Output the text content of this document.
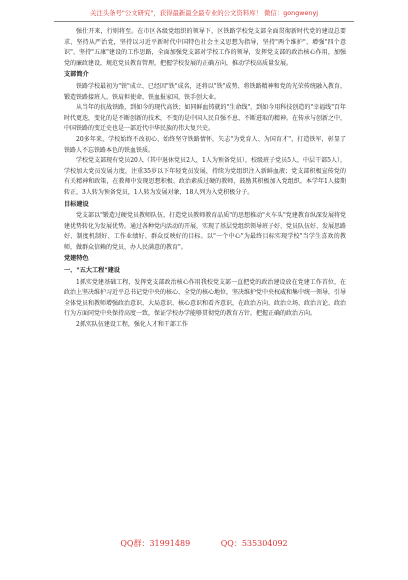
关注头条号"公文研究"，获得最新最全最专业的公文资料库！ 微信：gongwenyj

强仕开来，行则将至。在市区各级党组织的领导下，区铁路学校党支部全面贯彻新时代党的建设总要求，坚持从严治党，坚持以习近平新时代中国特色社会主义思想为指导，坚持"两个维护"、增强"四个意识"、坚持"五康"建设的工作思路，全面加强党支部对学校工作的领导，发挥党支部的政治核心作用，加强党的廉政建设，规范党员教育管理，把握学校发展的正确方向，推动学校高质量发展。

支部简介

铁路学校最初为"铁"成立、已经因"铁"成名，还将以"铁"成势、将铁路精神和党的光荣传统融入教育，锻造铁路接班人。铁肩担使命、铁血报家国，铁手创大业。

从当年的抗战铁路，到如今的现代高铁；如同鲜血铸就的"生命线"，到如今用科技创造的"幸福线"百年时代更迭，变化的是不断创新的技术，不变的是中国人民自强不息、不断进取的精神。在传承与创新之中，中国铁路的变迁史也是一部近代中华民族的伟大复兴史。

20多年来，学校始终不改初心，始终坚守铁路情怀，矢志"为党育人、为国育才"，打造铁军，彰显了铁路人不忘铁路本色的铁血铁质。

学校党支部现有党员20人（其中退休党员2人，1人为预备党员），校级班子党员5人，中层干部5人），学校加大党员发展力度，注重35岁以下年轻党员发展，持续为党组织注入新鲜血液；党支部积极宣传党的有关精神和政策，在教师中发现思想积极、政治素质过硬的教师，鼓励其积极加入党组织。本学年1人接期转正，3人转为预备党员，1人转为发展对象，18人列为入党积极分子。

目标建设

党支部以"锻造过硬党员教师队伍，打造党员教师教育品质"的思想推动"火车头"党建教育纵深发展将党建优势转化为发展优势。通过各种党内活动的开展，实现了基层党组织领导班子好、党员队伍好、发展思路好、制度机制好、工作业绩好、群众反映好的目标。以"一个中心"为最终目标实现学校"当学生喜欢的教师，做群众信赖的党员，办人民满意的教育"。

党建特色
一、"五大工程"建设

1抓实党建基础工程，发挥党支部政治核心作用我校党支部一直把党的政治建设放在党建工作首位，在政治上坚决维护习近平总书记党中央的核心、全党的核心地位，坚决维护党中央权威和集中统一领导，引导全体党员和教师增强政治意识、大局意识、核心意识和看齐意识，在政治方向、政治立场、政治言论、政治行为方面同党中央保持高度一致，保证学校办学能够贯彻党的教育方针，把握正确的政治方向。

2抓实队伍建设工程，强化人才和干部工作

QQ群：31991489	QQ：535304092
